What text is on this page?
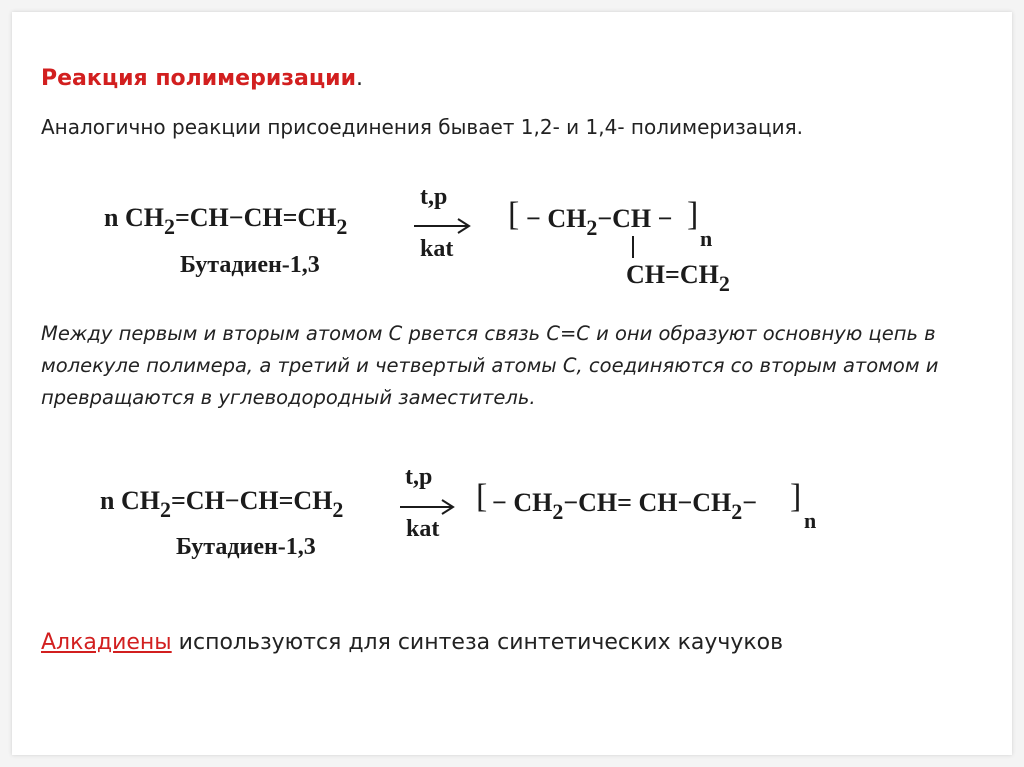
Реакция полимеризации.
Аналогично реакции присоединения бывает 1,2- и 1,4- полимеризация.
n $CH_2=CH-CH=CH_2$
Бутадиен-1,3
t,p
kat
[ − $CH_2-CH$ − ]
n
$CH=CH_2$
Между первым и вторым атомом С рвется связь С=С и они образуют основную цепь в молекуле полимера, а третий и четвертый атомы С, соединяются со вторым атомом и превращаются в углеводородный заместитель.
n $CH_2=CH-CH=CH_2$
Бутадиен-1,3
t,p
kat
[ − $CH_2-CH= CH-CH_2-$ ]
n
Алкадиены используются для синтеза синтетических каучуков
